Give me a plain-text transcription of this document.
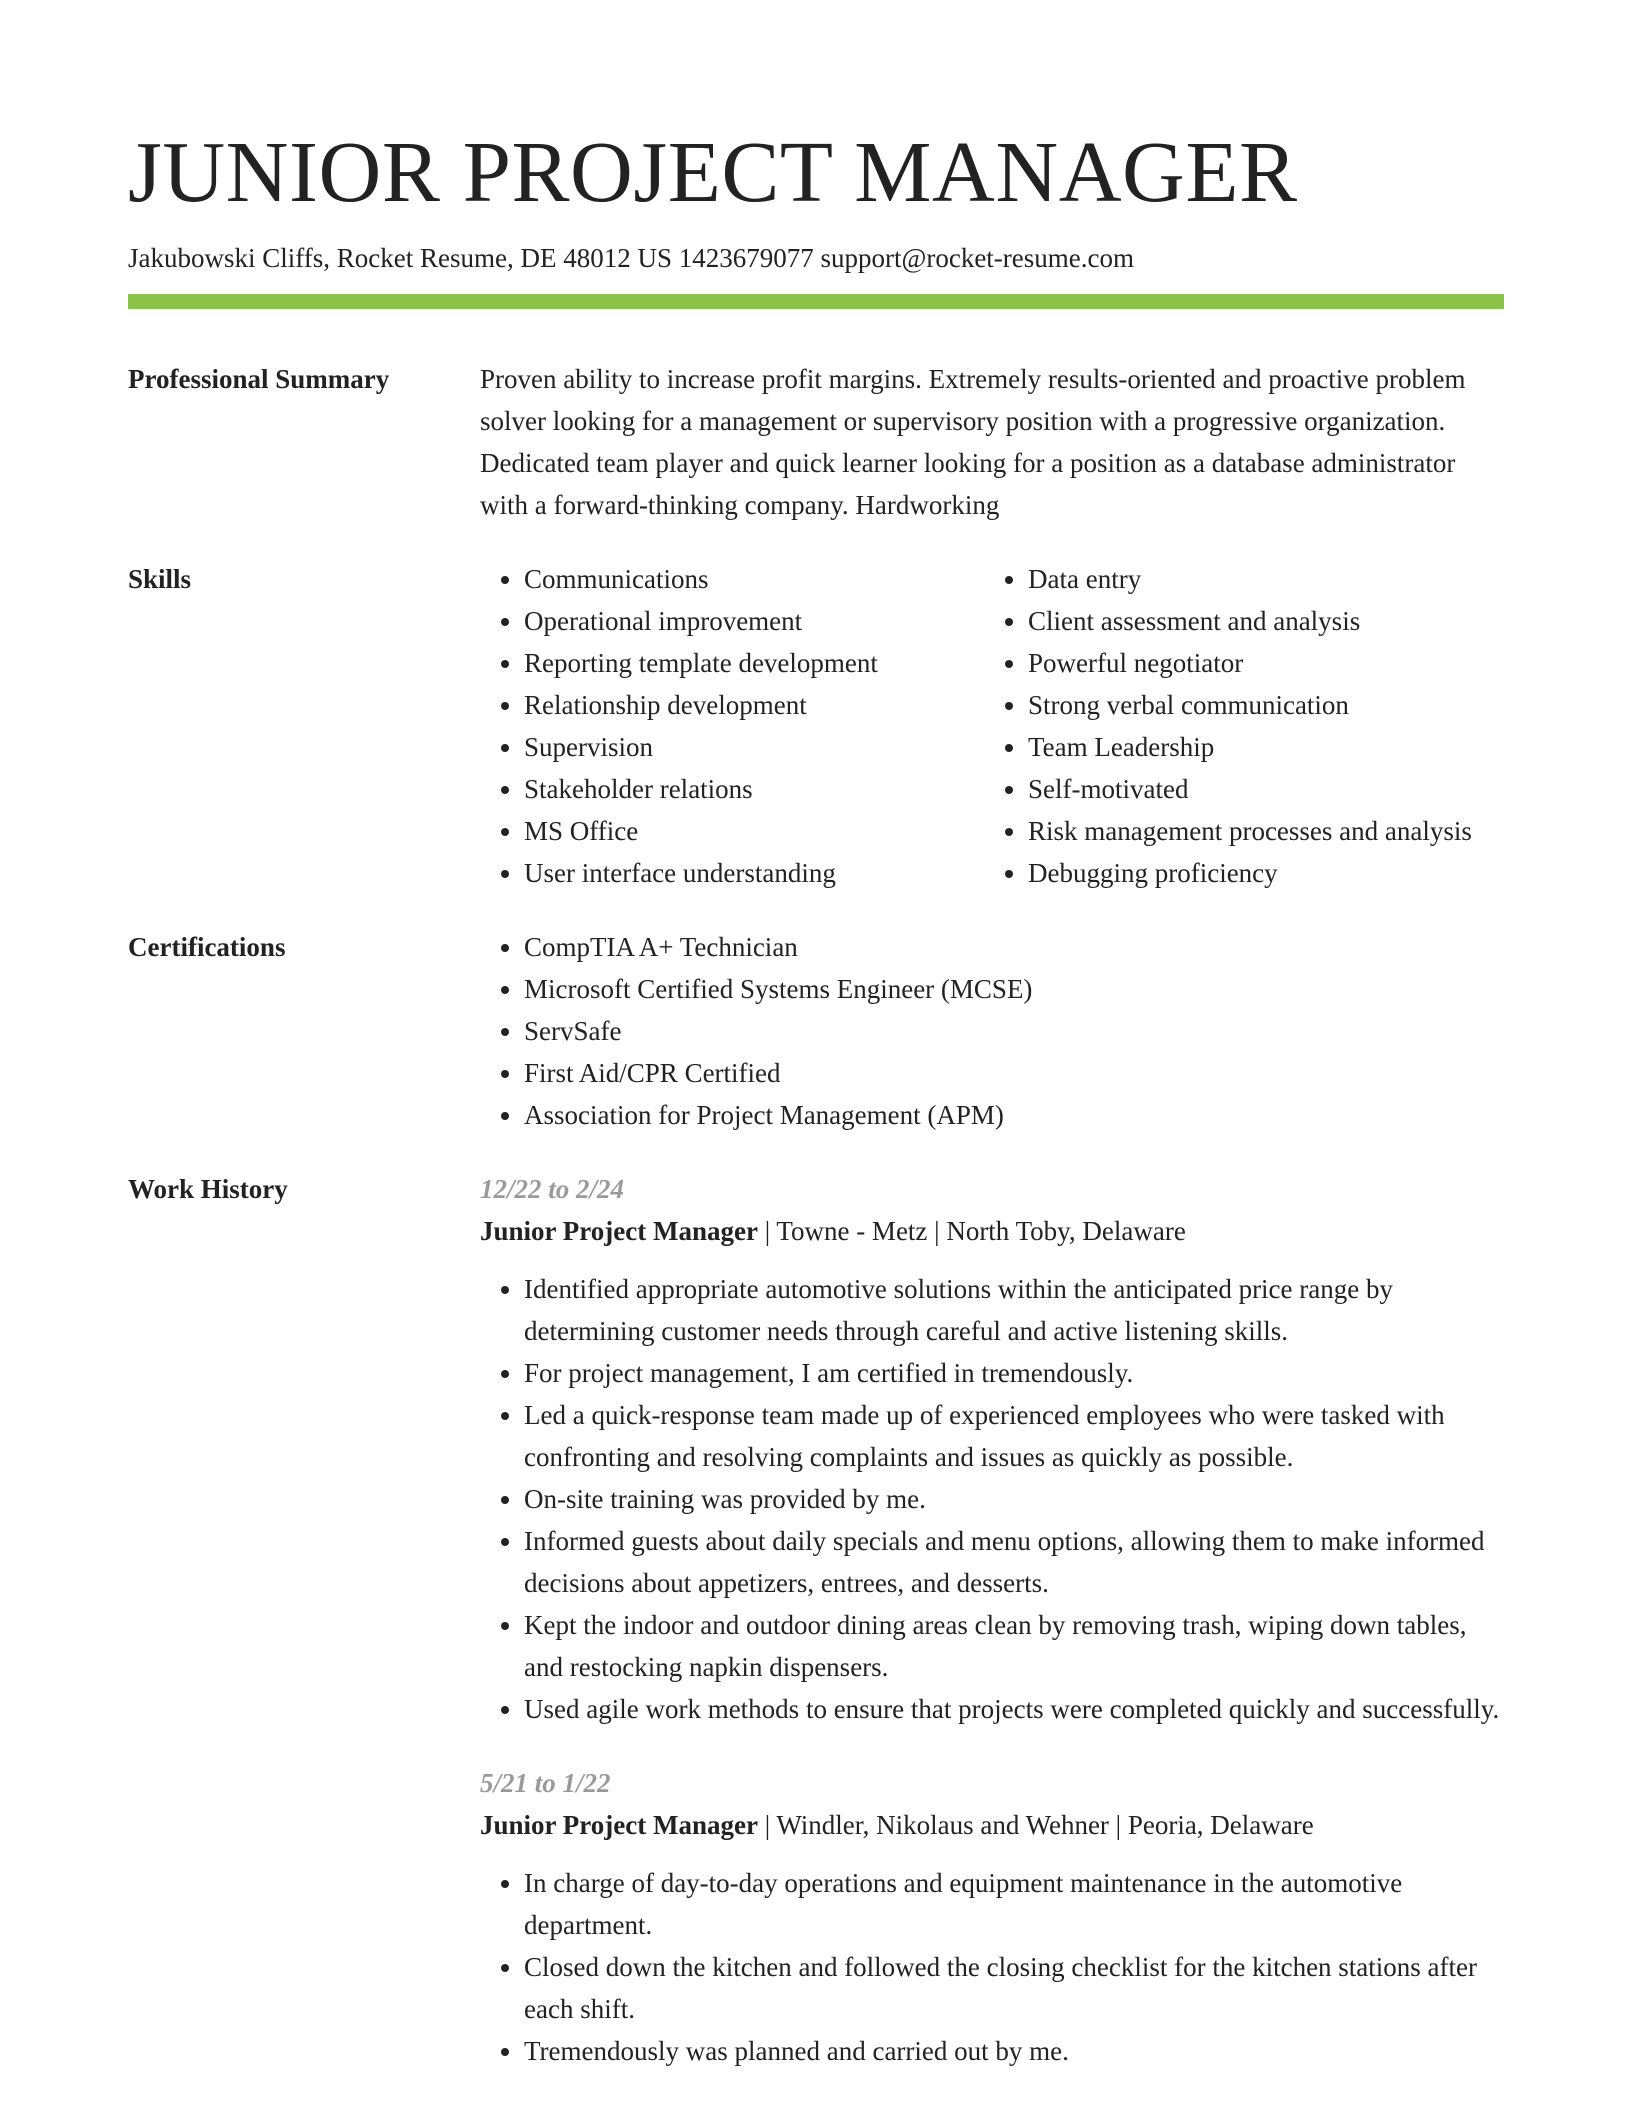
JUNIOR PROJECT MANAGER
Jakubowski Cliffs, Rocket Resume, DE 48012 US 1423679077 support@rocket-resume.com
Professional Summary	Proven ability to increase profit margins. Extremely results-oriented and proactive problem solver looking for a management or supervisory position with a progressive organization. Dedicated team player and quick learner looking for a position as a database administrator with a forward-thinking company. Hardworking
Skills	• Communications
• Operational improvement
• Reporting template development
• Relationship development
• Supervision
• Stakeholder relations
• MS Office
• User interface understanding
• Data entry
• Client assessment and analysis
• Powerful negotiator
• Strong verbal communication
• Team Leadership
• Self-motivated
• Risk management processes and analysis
• Debugging proficiency
Certifications	• CompTIA A+ Technician
• Microsoft Certified Systems Engineer (MCSE)
• ServSafe
• First Aid/CPR Certified
• Association for Project Management (APM)
Work History	12/22 to 2/24
Junior Project Manager | Towne - Metz | North Toby, Delaware
• Identified appropriate automotive solutions within the anticipated price range by determining customer needs through careful and active listening skills.
• For project management, I am certified in tremendously.
• Led a quick-response team made up of experienced employees who were tasked with confronting and resolving complaints and issues as quickly as possible.
• On-site training was provided by me.
• Informed guests about daily specials and menu options, allowing them to make informed decisions about appetizers, entrees, and desserts.
• Kept the indoor and outdoor dining areas clean by removing trash, wiping down tables, and restocking napkin dispensers.
• Used agile work methods to ensure that projects were completed quickly and successfully.
5/21 to 1/22
Junior Project Manager | Windler, Nikolaus and Wehner | Peoria, Delaware
• In charge of day-to-day operations and equipment maintenance in the automotive department.
• Closed down the kitchen and followed the closing checklist for the kitchen stations after each shift.
• Tremendously was planned and carried out by me.
